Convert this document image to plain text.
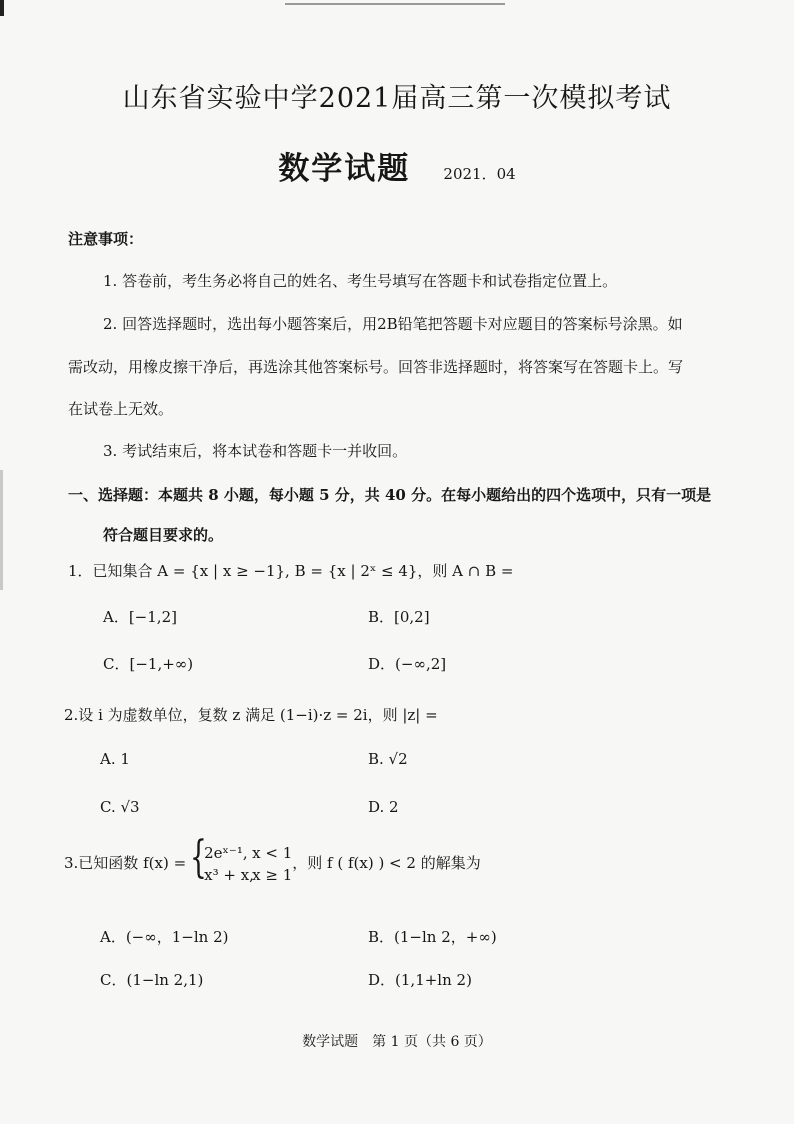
山东省实验中学2021届高三第一次模拟考试
数学试题 2021．04
注意事项：
1. 答卷前，考生务必将自己的姓名、考生号填写在答题卡和试卷指定位置上。
2. 回答选择题时，选出每小题答案后，用2B铅笔把答题卡对应题目的答案标号涂黑。如
需改动，用橡皮擦干净后，再选涂其他答案标号。回答非选择题时，将答案写在答题卡上。写
在试卷上无效。
3. 考试结束后，将本试卷和答题卡一并收回。
一、选择题：本题共 8 小题，每小题 5 分，共 40 分。在每小题给出的四个选项中，只有一项是
符合题目要求的。
1．已知集合 A = {x | x ≥ −1}, B = {x | 2ˣ ≤ 4}，则 A ∩ B =
A．[−1,2]	B．[0,2]
C．[−1,+∞)	D．(−∞,2]
2.设 i 为虚数单位，复数 z 满足 (1−i)·z = 2i，则 |z| =
A. 1	B. √2
C. √3	D. 2
3.已知函数 f(x) = {
2eˣ⁻¹, x < 1
x³ + x,x ≥ 1
，则 f ( f(x) ) < 2 的解集为
A．(−∞，1−ln 2)	B．(1−ln 2，+∞)
C．(1−ln 2,1)	D．(1,1+ln 2)
数学试题　第 1 页（共 6 页）
